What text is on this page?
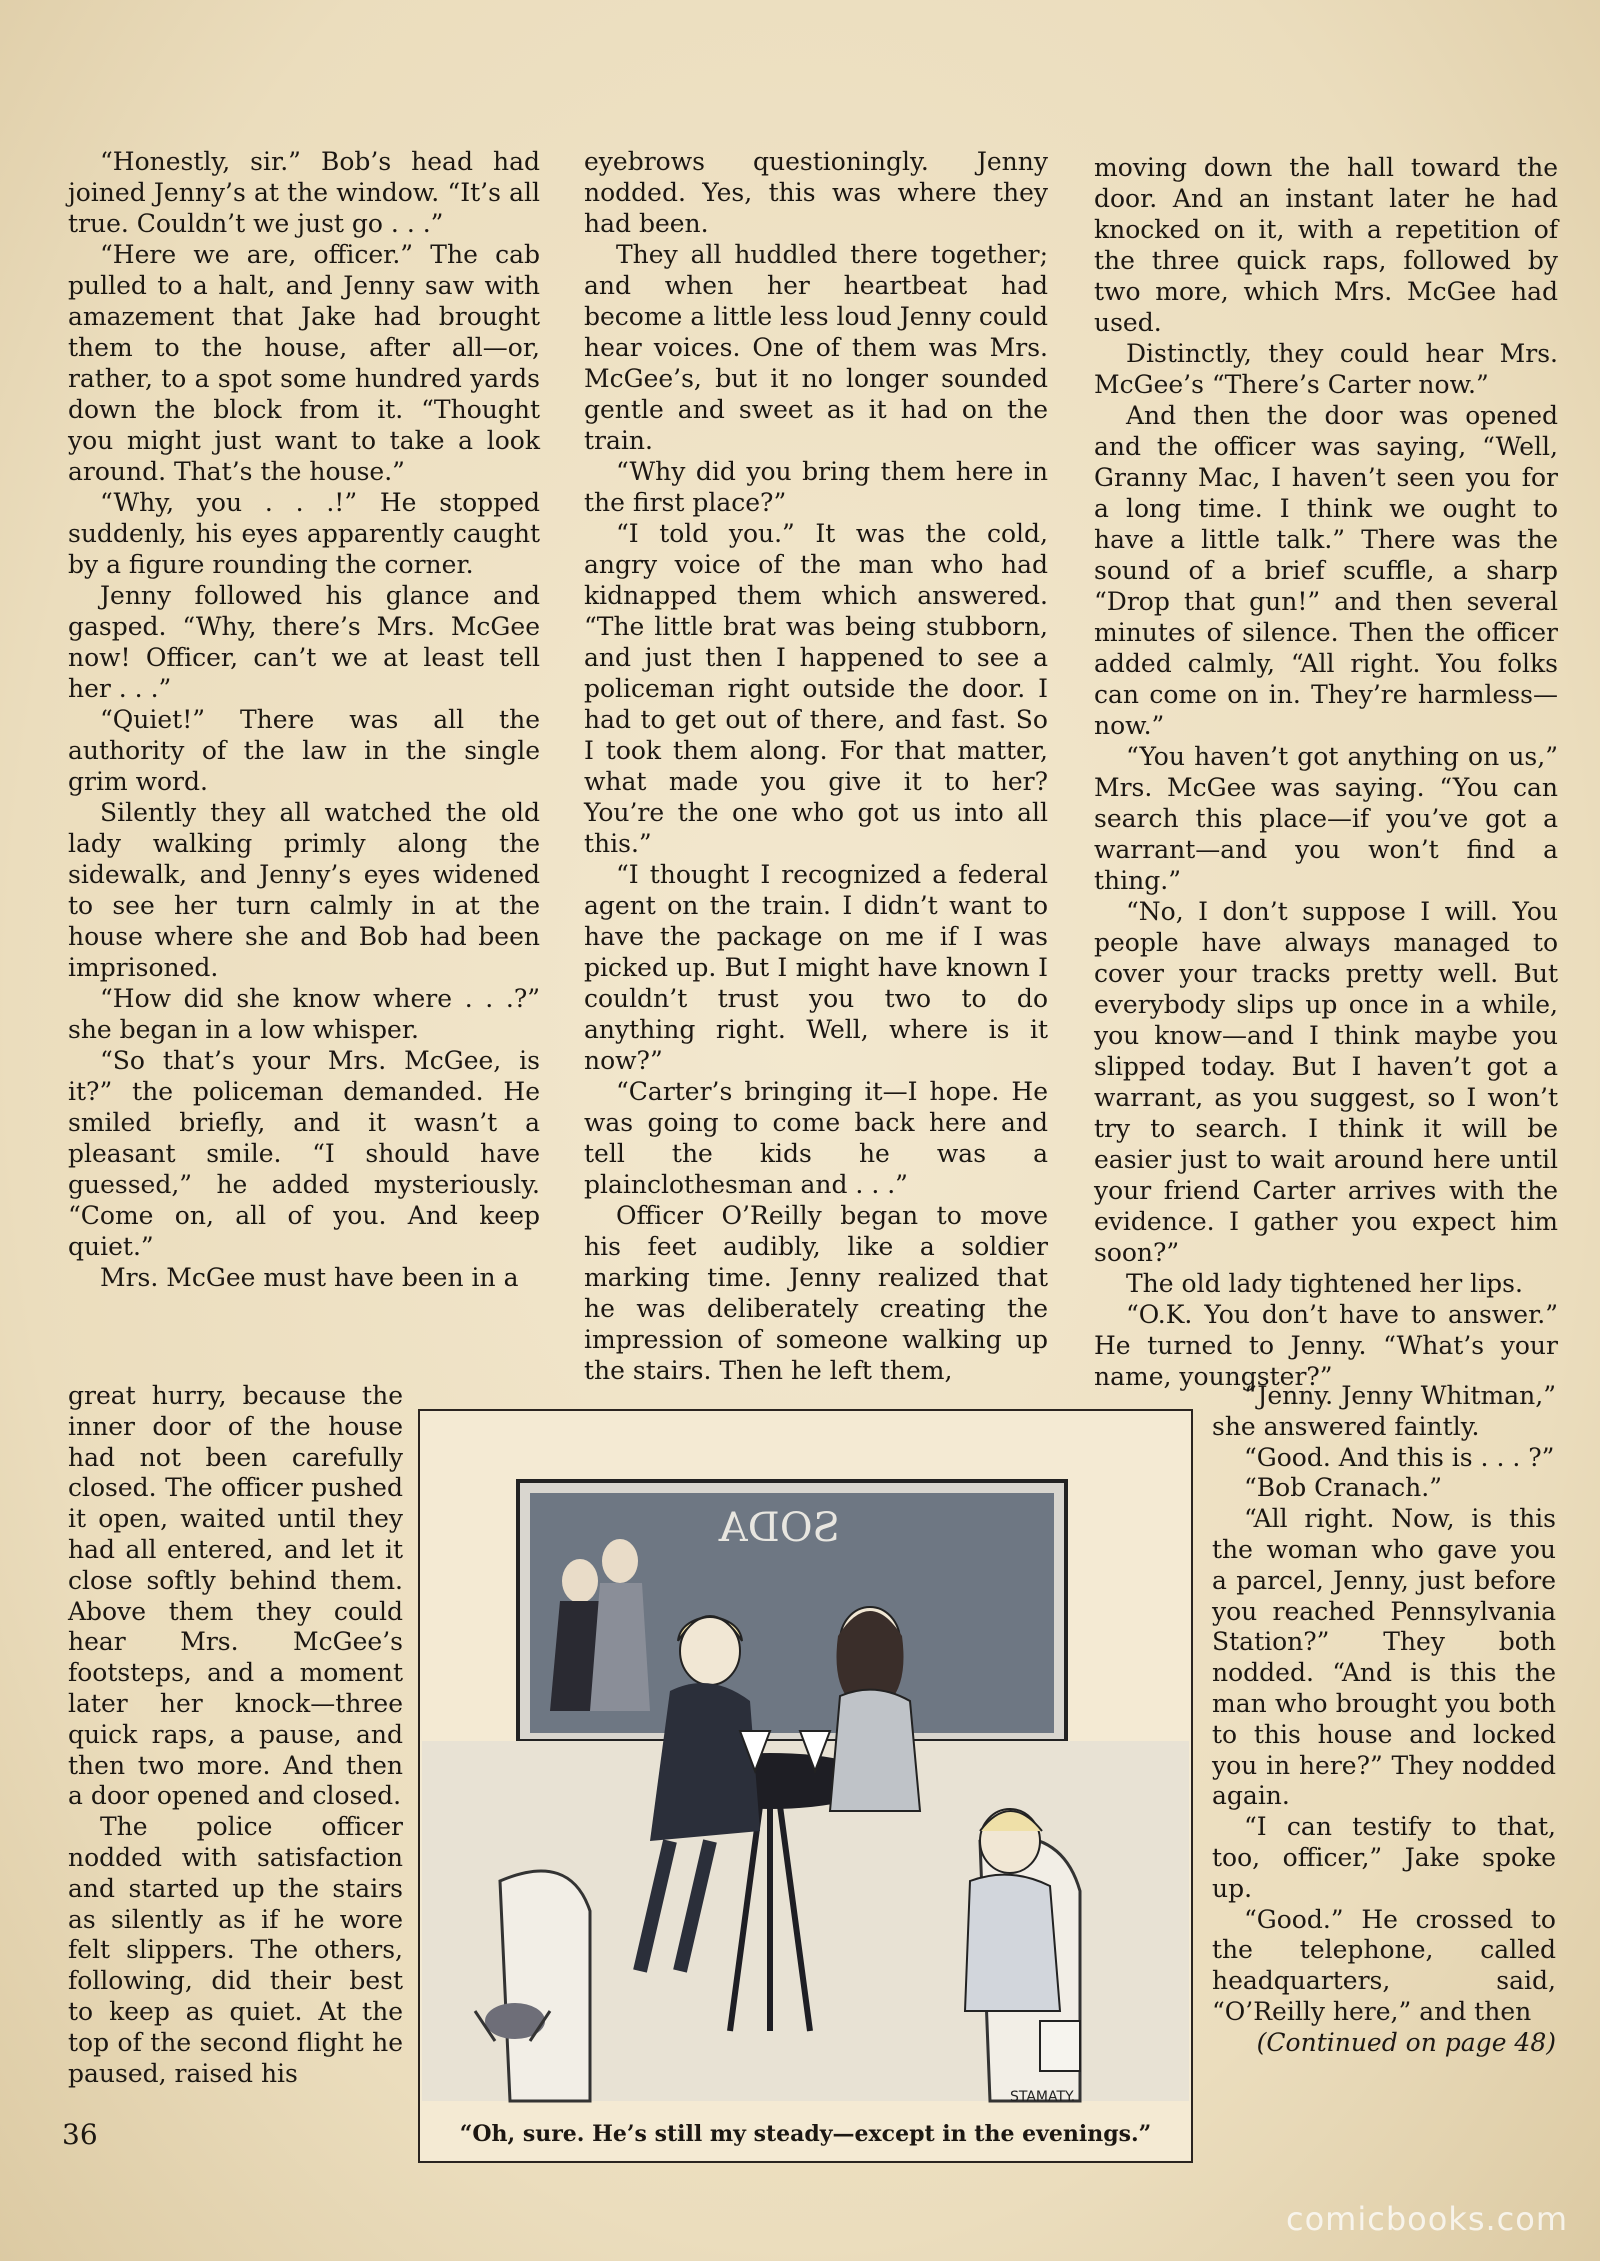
“Honestly, sir.” Bob’s head had joined Jenny’s at the window. “It’s all true. Couldn’t we just go . . .”

“Here we are, officer.” The cab pulled to a halt, and Jenny saw with amazement that Jake had brought them to the house, after all—or, rather, to a spot some hundred yards down the block from it. “Thought you might just want to take a look around. That’s the house.”

“Why, you . . .!” He stopped suddenly, his eyes apparently caught by a figure rounding the corner.

Jenny followed his glance and gasped. “Why, there’s Mrs. McGee now! Officer, can’t we at least tell her . . .”

“Quiet!” There was all the authority of the law in the single grim word.

Silently they all watched the old lady walking primly along the sidewalk, and Jenny’s eyes widened to see her turn calmly in at the house where she and Bob had been imprisoned.

“How did she know where . . .?” she began in a low whisper.

“So that’s your Mrs. McGee, is it?” the policeman demanded. He smiled briefly, and it wasn’t a pleasant smile. “I should have guessed,” he added mysteriously. “Come on, all of you. And keep quiet.”

Mrs. McGee must have been in a

great hurry, because the inner door of the house had not been carefully closed. The officer pushed it open, waited until they had all entered, and let it close softly behind them. Above them they could hear Mrs. McGee’s footsteps, and a moment later her knock—three quick raps, a pause, and then two more. And then a door opened and closed.

The police officer nodded with satisfaction and started up the stairs as silently as if he wore felt slippers. The others, following, did their best to keep as quiet. At the top of the second flight he paused, raised his

eyebrows questioningly. Jenny nodded. Yes, this was where they had been.

They all huddled there together; and when her heartbeat had become a little less loud Jenny could hear voices. One of them was Mrs. McGee’s, but it no longer sounded gentle and sweet as it had on the train.

“Why did you bring them here in the first place?”

“I told you.” It was the cold, angry voice of the man who had kidnapped them which answered. “The little brat was being stubborn, and just then I happened to see a policeman right outside the door. I had to get out of there, and fast. So I took them along. For that matter, what made you give it to her? You’re the one who got us into all this.”

“I thought I recognized a federal agent on the train. I didn’t want to have the package on me if I was picked up. But I might have known I couldn’t trust you two to do anything right. Well, where is it now?”

“Carter’s bringing it—I hope. He was going to come back here and tell the kids he was a plainclothesman and . . .”

Officer O’Reilly began to move his feet audibly, like a soldier marking time. Jenny realized that he was deliberately creating the impression of someone walking up the stairs. Then he left them,

moving down the hall toward the door. And an instant later he had knocked on it, with a repetition of the three quick raps, followed by two more, which Mrs. McGee had used.

Distinctly, they could hear Mrs. McGee’s “There’s Carter now.”

And then the door was opened and the officer was saying, “Well, Granny Mac, I haven’t seen you for a long time. I think we ought to have a little talk.” There was the sound of a brief scuffle, a sharp “Drop that gun!” and then several minutes of silence. Then the officer added calmly, “All right. You folks can come on in. They’re harmless—now.”

“You haven’t got anything on us,” Mrs. McGee was saying. “You can search this place—if you’ve got a warrant—and you won’t find a thing.”

“No, I don’t suppose I will. You people have always managed to cover your tracks pretty well. But everybody slips up once in a while, you know—and I think maybe you slipped today. But I haven’t got a warrant, as you suggest, so I won’t try to search. I think it will be easier just to wait around here until your friend Carter arrives with the evidence. I gather you expect him soon?”

The old lady tightened her lips.

“O.K. You don’t have to answer.” He turned to Jenny. “What’s your name, youngster?”

“Jenny. Jenny Whitman,” she answered faintly.

“Good. And this is . . . ?”

“Bob Cranach.”

“All right. Now, is this the woman who gave you a parcel, Jenny, just before you reached Pennsylvania Station?” They both nodded. “And is this the man who brought you both to this house and locked you in here?” They nodded again.

“I can testify to that, too, officer,” Jake spoke up.

“Good.” He crossed to the telephone, called headquarters, said, “O’Reilly here,” and then

(Continued on page 48)

SODA
STAMATY.
“Oh, sure. He’s still my steady—except in the evenings.”
36
comicbooks.com
